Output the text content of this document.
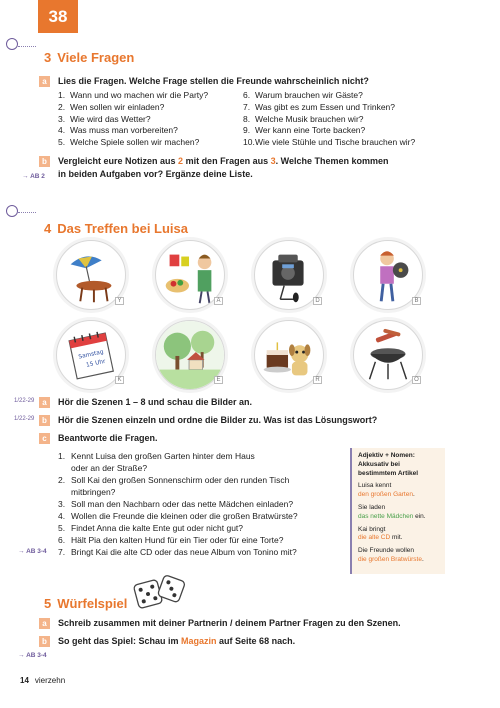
38
3 Viele Fragen
a	Lies die Fragen. Welche Frage stellen die Freunde wahrscheinlich nicht?
1. Wann und wo machen wir die Party?
2. Wen sollen wir einladen?
3. Wie wird das Wetter?
4. Was muss man vorbereiten?
5. Welche Spiele sollen wir machen?
6. Warum brauchen wir Gäste?
7. Was gibt es zum Essen und Trinken?
8. Welche Musik brauchen wir?
9. Wer kann eine Torte backen?
10. Wie viele Stühle und Tische brauchen wir?
b	Vergleicht eure Notizen aus 2 mit den Fragen aus 3. Welche Themen kommen
in beiden Aufgaben vor? Ergänze deine Liste.
→ AB 2
4 Das Treffen bei Luisa
Y	A	D	B
Samstag
15 Uhr
K	E	R	O
1/22-29 a	Hör die Szenen 1 – 8 und schau die Bilder an.
1/22-29 b	Hör die Szenen einzeln und ordne die Bilder zu. Was ist das Lösungswort?
c	Beantworte die Fragen.
1. Kennt Luisa den großen Garten hinter dem Haus
oder an der Straße?
2. Soll Kai den großen Sonnenschirm oder den runden Tisch
mitbringen?
3. Soll man den Nachbarn oder das nette Mädchen einladen?
4. Wollen die Freunde die kleinen oder die großen Bratwürste?
5. Findet Anna die kalte Ente gut oder nicht gut?
6. Hält Pia den kalten Hund für ein Tier oder für eine Torte?
7. Bringt Kai die alte CD oder das neue Album von Tonino mit?
→ AB 3-4
Adjektiv + Nomen:
Akkusativ bei
bestimmtem Artikel
Luisa kennt
den großen Garten.
Sie laden
das nette Mädchen ein.
Kai bringt
die alte CD mit.
Die Freunde wollen
die großen Bratwürste.
5 Würfelspiel
a	Schreib zusammen mit deiner Partnerin / deinem Partner Fragen zu den Szenen.
b	So geht das Spiel: Schau im Magazin auf Seite 68 nach.
→ AB 3-4
14 vierzehn
